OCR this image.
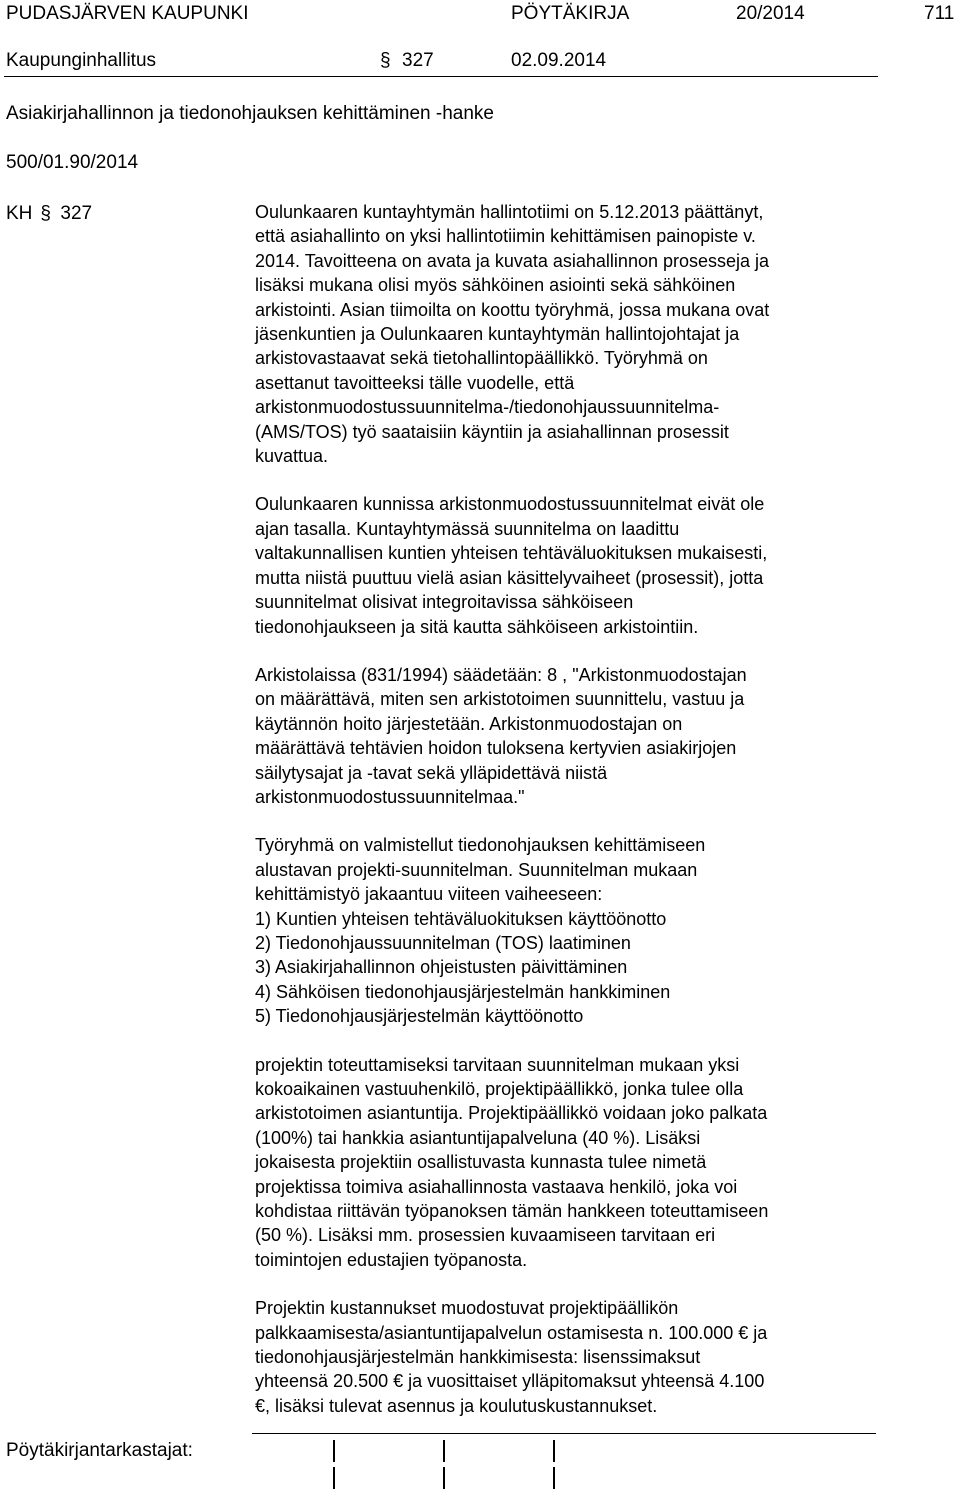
PUDASJÄRVEN KAUPUNKI	PÖYTÄKIRJA	20/2014	711
Kaupunginhallitus	§ 327	02.09.2014
Asiakirjahallinnon ja tiedonohjauksen kehittäminen -hanke
500/01.90/2014
KH § 327	Oulunkaaren kuntayhtymän hallintotiimi on 5.12.2013 päättänyt,
että asiahallinto on yksi hallintotiimin kehittämisen painopiste v.
2014. Tavoitteena on avata ja kuvata asiahallinnon prosesseja ja
lisäksi mukana olisi myös sähköinen asiointi sekä sähköinen
arkistointi. Asian tiimoilta on koottu työryhmä, jossa mukana ovat
jäsenkuntien ja Oulunkaaren kuntayhtymän hallintojohtajat ja
arkistovastaavat sekä tietohallintopäällikkö. Työryhmä on
asettanut tavoitteeksi tälle vuodelle, että
arkistonmuodostussuunnitelma-/tiedonohjaussuunnitelma-
(AMS/TOS) työ saataisiin käyntiin ja asiahallinnan prosessit
kuvattua.
Oulunkaaren kunnissa arkistonmuodostussuunnitelmat eivät ole
ajan tasalla. Kuntayhtymässä suunnitelma on laadittu
valtakunnallisen kuntien yhteisen tehtäväluokituksen mukaisesti,
mutta niistä puuttuu vielä asian käsittelyvaiheet (prosessit), jotta
suunnitelmat olisivat integroitavissa sähköiseen
tiedonohjaukseen ja sitä kautta sähköiseen arkistointiin.
Arkistolaissa (831/1994) säädetään: 8 , "Arkistonmuodostajan
on määrättävä, miten sen arkistotoimen suunnittelu, vastuu ja
käytännön hoito järjestetään. Arkistonmuodostajan on
määrättävä tehtävien hoidon tuloksena kertyvien asiakirjojen
säilytysajat ja -tavat sekä ylläpidettävä niistä
arkistonmuodostussuunnitelmaa."
Työryhmä on valmistellut tiedonohjauksen kehittämiseen
alustavan projekti-suunnitelman. Suunnitelman mukaan
kehittämistyö jakaantuu viiteen vaiheeseen:
1) Kuntien yhteisen tehtäväluokituksen käyttöönotto
2) Tiedonohjaussuunnitelman (TOS) laatiminen
3) Asiakirjahallinnon ohjeistusten päivittäminen
4) Sähköisen tiedonohjausjärjestelmän hankkiminen
5) Tiedonohjausjärjestelmän käyttöönotto
projektin toteuttamiseksi tarvitaan suunnitelman mukaan yksi
kokoaikainen vastuuhenkilö, projektipäällikkö, jonka tulee olla
arkistotoimen asiantuntija. Projektipäällikkö voidaan joko palkata
(100%) tai hankkia asiantuntijapalveluna (40 %). Lisäksi
jokaisesta projektiin osallistuvasta kunnasta tulee nimetä
projektissa toimiva asiahallinnosta vastaava henkilö, joka voi
kohdistaa riittävän työpanoksen tämän hankkeen toteuttamiseen
(50 %). Lisäksi mm. prosessien kuvaamiseen tarvitaan eri
toimintojen edustajien työpanosta.
Projektin kustannukset muodostuvat projektipäällikön
palkkaamisesta/asiantuntijapalvelun ostamisesta n. 100.000 € ja
tiedonohjausjärjestelmän hankkimisesta: lisenssimaksut
yhteensä 20.500 € ja vuosittaiset ylläpitomaksut yhteensä 4.100
€, lisäksi tulevat asennus ja koulutuskustannukset.
Pöytäkirjantarkastajat:
